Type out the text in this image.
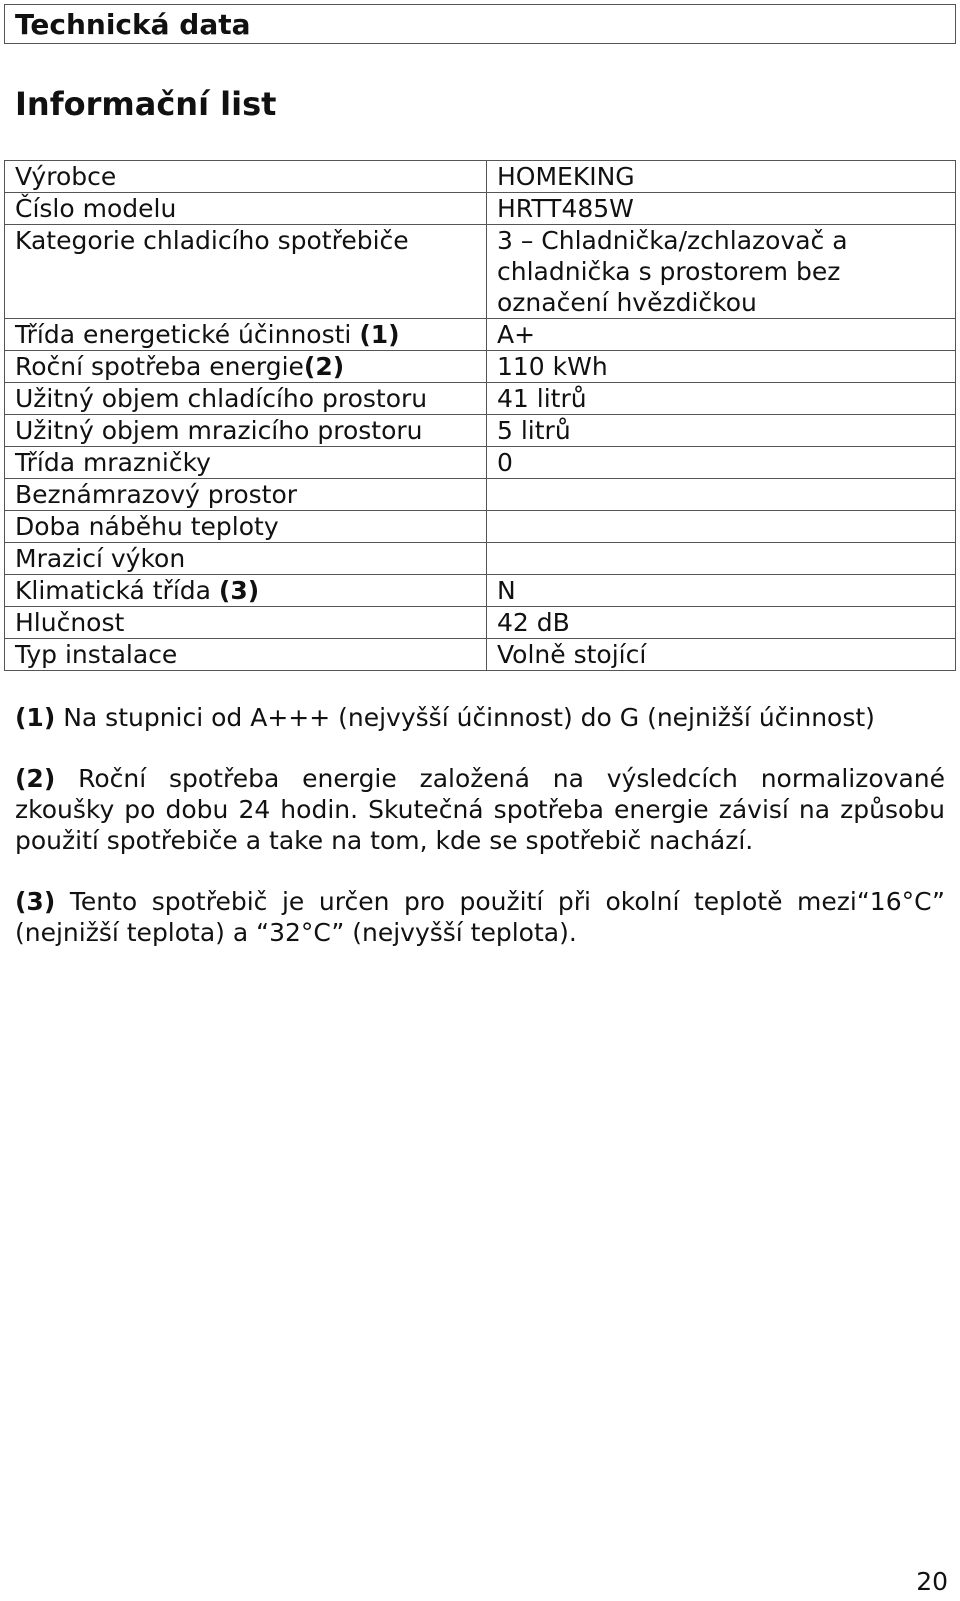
Technická data
Informační list
Výrobce	HOMEKING
Číslo modelu	HRTT485W
Kategorie chladicího spotřebiče	3 – Chladnička/zchlazovač a chladnička s prostorem bez označení hvězdičkou
Třída energetické účinnosti (1)	A+
Roční spotřeba energie(2)	110 kWh
Užitný objem chladícího prostoru	41 litrů
Užitný objem mrazicího prostoru	5 litrů
Třída mrazničky	0
Beznámrazový prostor	
Doba náběhu teploty	
Mrazicí výkon	
Klimatická třída (3)	N
Hlučnost	42 dB
Typ instalace	Volně stojící
(1) Na stupnici od A+++ (nejvyšší účinnost) do G (nejnižší účinnost)
(2) Roční spotřeba energie založená na výsledcích normalizované zkoušky po dobu 24 hodin. Skutečná spotřeba energie závisí na způsobu použití spotřebiče a take na tom, kde se spotřebič nachází.
(3) Tento spotřebič je určen pro použití při okolní teplotě mezi“16°C” (nejnižší teplota) a “32°C” (nejvyšší teplota).
20
